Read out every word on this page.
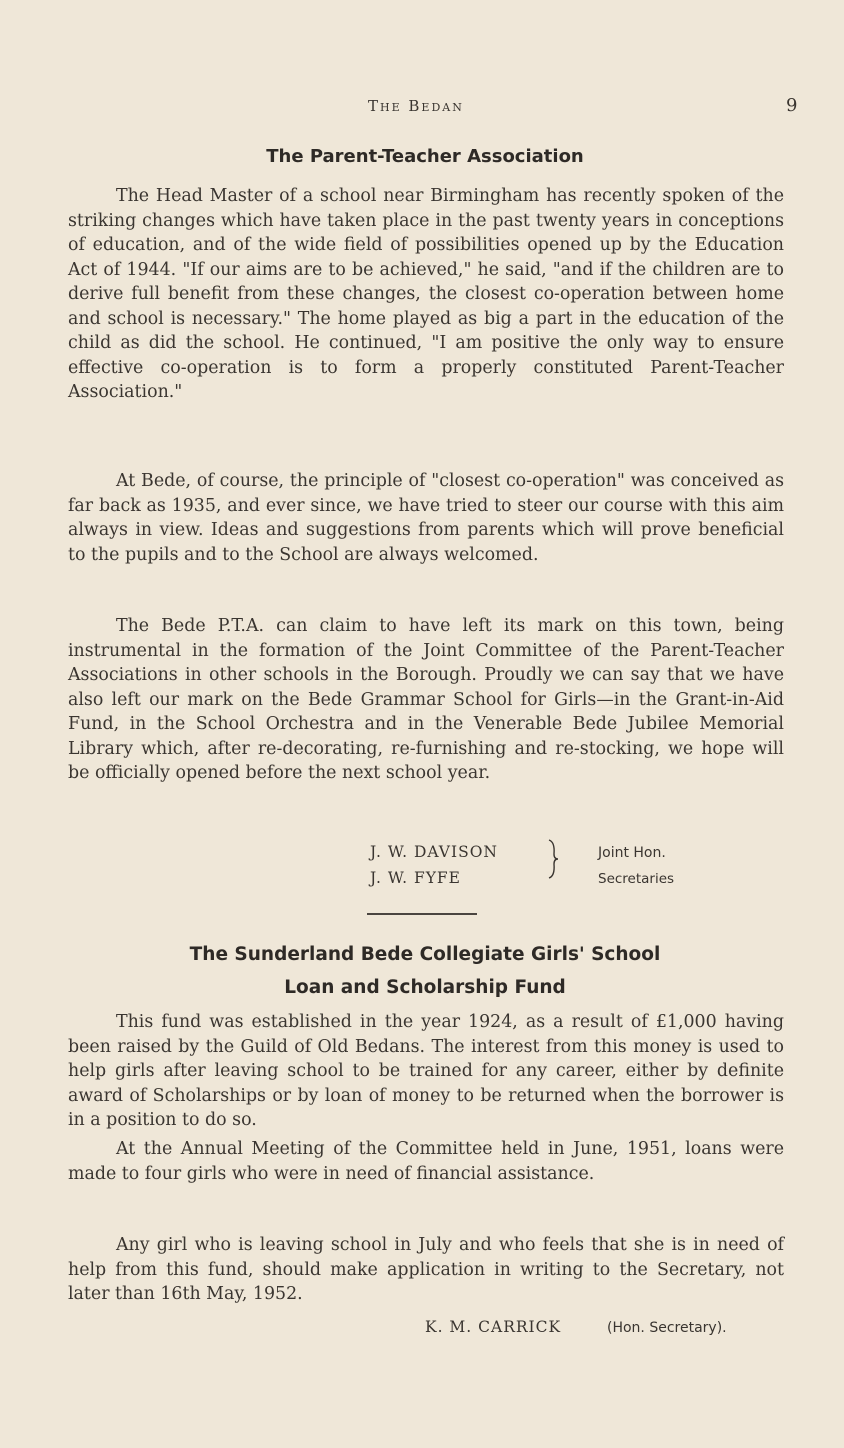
The Bedan	9
The Parent-Teacher Association

The Head Master of a school near Birmingham has recently spoken of the striking changes which have taken place in the past twenty years in conceptions of education, and of the wide field of possibilities opened up by the Education Act of 1944. "If our aims are to be achieved," he said, "and if the children are to derive full benefit from these changes, the closest co-operation between home and school is necessary." The home played as big a part in the education of the child as did the school. He continued, "I am positive the only way to ensure effective co-operation is to form a properly constituted Parent-Teacher Association."

At Bede, of course, the principle of "closest co-operation" was conceived as far back as 1935, and ever since, we have tried to steer our course with this aim always in view. Ideas and suggestions from parents which will prove beneficial to the pupils and to the School are always welcomed.

The Bede P.T.A. can claim to have left its mark on this town, being instrumental in the formation of the Joint Committee of the Parent-Teacher Associations in other schools in the Borough. Proudly we can say that we have also left our mark on the Bede Grammar School for Girls—in the Grant-in-Aid Fund, in the School Orchestra and in the Venerable Bede Jubilee Memorial Library which, after re-decorating, re-furnishing and re-stocking, we hope will be officially opened before the next school year.

J. W. DAVISON
J. W. FYFE
Joint Hon.
Secretaries
The Sunderland Bede Collegiate Girls' School
Loan and Scholarship Fund

This fund was established in the year 1924, as a result of £1,000 having been raised by the Guild of Old Bedans. The interest from this money is used to help girls after leaving school to be trained for any career, either by definite award of Scholarships or by loan of money to be returned when the borrower is in a position to do so.

At the Annual Meeting of the Committee held in June, 1951, loans were made to four girls who were in need of financial assistance.

Any girl who is leaving school in July and who feels that she is in need of help from this fund, should make application in writing to the Secretary, not later than 16th May, 1952.

K. M. CARRICK	(Hon. Secretary).
